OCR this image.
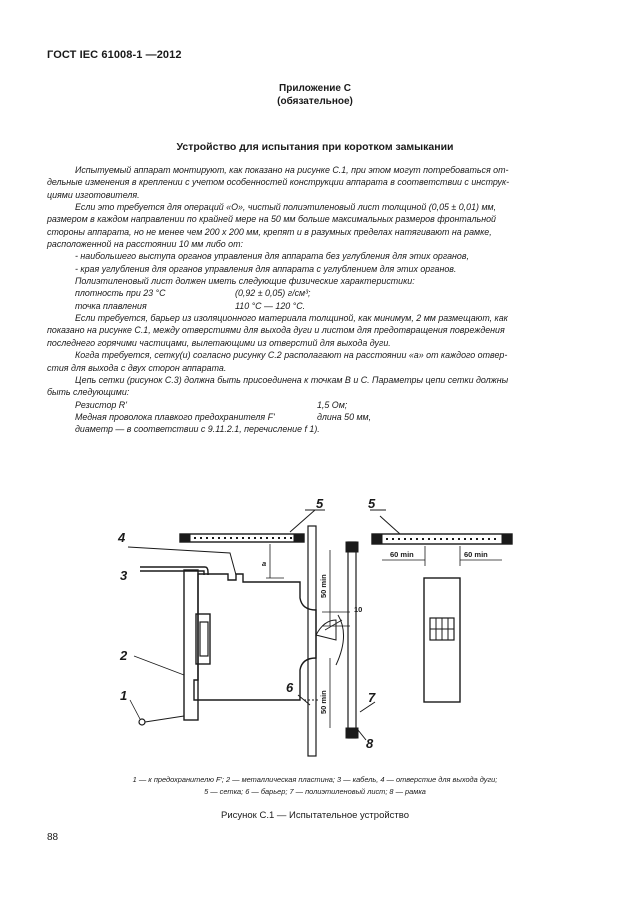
ГОСТ IEC 61008-1 —2012
Приложение С
(обязательное)
Устройство для испытания при коротком замыкании

Испытуемый аппарат монтируют, как показано на рисунке С.1, при этом могут потребоваться от-

дельные изменения в креплении с учетом особенностей конструкции аппарата в соответствии с инструк-

циями изготовителя.

Если это требуется для операций «О», чистый полиэтиленовый лист толщиной (0,05 ± 0,01) мм,

размером в каждом направлении по крайней мере на 50 мм больше максимальных размеров фронтальной

стороны аппарата, но не менее чем 200 х 200 мм, крепят и в разумных пределах натягивают на рамке,

расположенной на расстоянии 10 мм либо от:

- наибольшего выступа органов управления для аппарата без углубления для этих органов,

- края углубления для органов управления для аппарата с углублением для этих органов.

Полиэтиленовый лист должен иметь следующие физические характеристики:

плотность при 23 °С	(0,92 ± 0,05) г/см³;
точка плавления	110 °С — 120 °С.

Если требуется, барьер из изоляционного материала толщиной, как минимум, 2 мм размещают, как

показано на рисунке С.1, между отверстиями для выхода дуги и листом для предотвращения повреждения

последнего горячими частицами, вылетающими из отверстий для выхода дуги.

Когда требуется, сетку(и) согласно рисунку С.2 располагают на расстоянии «а» от каждого отвер-

стия для выхода с двух сторон аппарата.

Цепь сетки (рисунок С.3) должна быть присоединена к точкам В и С. Параметры цепи сетки должны

быть следующими:

Резистор R'	1,5 Ом;
Медная проволока плавкого предохранителя F'	длина 50 мм,

диаметр — в соответствии с 9.11.2.1, перечисление f 1).

1
2
3
4
5
6
7
8
5
a
10
60 min	60 min
50 min
50 min
1 — к предохранителю F'; 2 — металлическая пластина; 3 — кабель, 4 — отверстие для выхода дуги;
5 — сетка; 6 — барьер; 7 — полиэтиленовый лист; 8 — рамка
Рисунок С.1 — Испытательное устройство
88
